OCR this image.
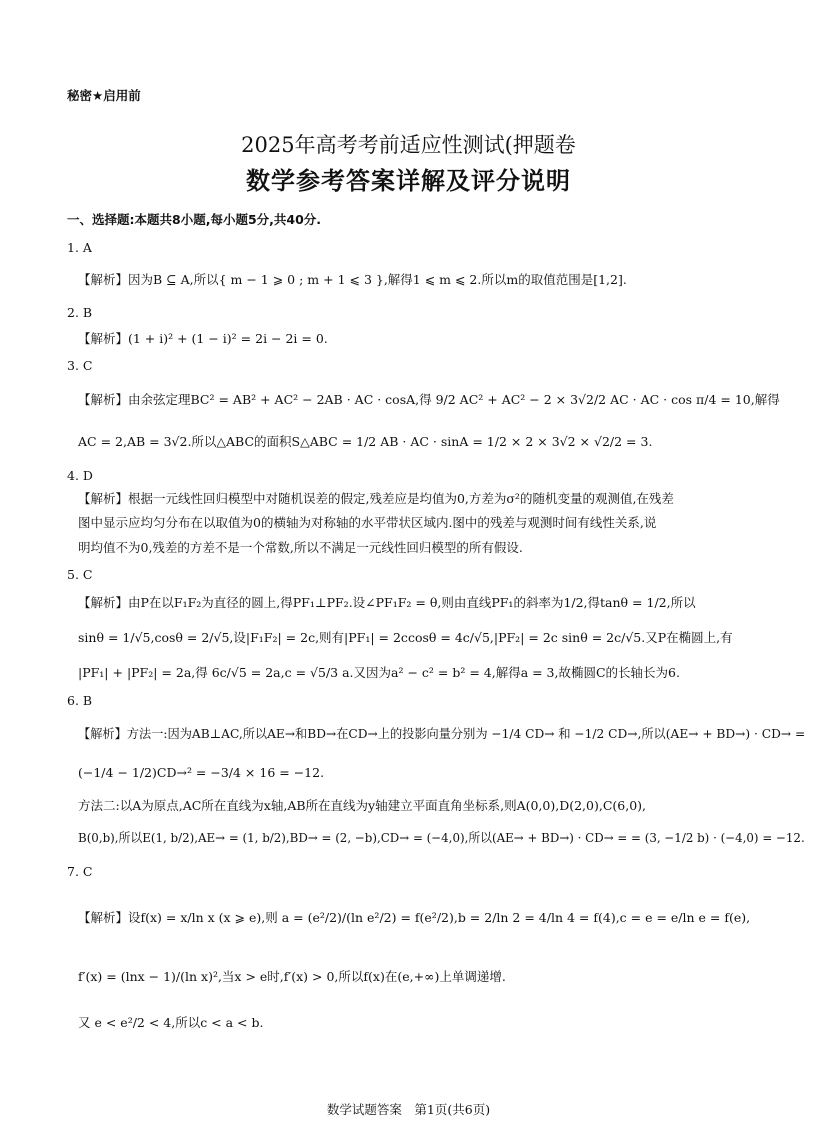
秘密★启用前
2025年高考考前适应性测试(押题卷
数学参考答案详解及评分说明
一、选择题:本题共8小题,每小题5分,共40分.
1. A
【解析】因为B ⊆ A,所以{ m − 1 ⩾ 0 ; m + 1 ⩽ 3 },解得1 ⩽ m ⩽ 2.所以m的取值范围是[1,2].
2. B
【解析】(1 + i)² + (1 − i)² = 2i − 2i = 0.
3. C
【解析】由余弦定理BC² = AB² + AC² − 2AB · AC · cosA,得 9/2 AC² + AC² − 2 × 3√2/2 AC · AC · cos π/4 = 10,解得
AC = 2,AB = 3√2.所以△ABC的面积S△ABC = 1/2 AB · AC · sinA = 1/2 × 2 × 3√2 × √2/2 = 3.
4. D
【解析】根据一元线性回归模型中对随机误差的假定,残差应是均值为0,方差为σ²的随机变量的观测值,在残差
图中显示应均匀分布在以取值为0的横轴为对称轴的水平带状区域内.图中的残差与观测时间有线性关系,说
明均值不为0,残差的方差不是一个常数,所以不满足一元线性回归模型的所有假设.
5. C
【解析】由P在以F₁F₂为直径的圆上,得PF₁⊥PF₂.设∠PF₁F₂ = θ,则由直线PF₁的斜率为1/2,得tanθ = 1/2,所以
sinθ = 1/√5,cosθ = 2/√5,设|F₁F₂| = 2c,则有|PF₁| = 2ccosθ = 4c/√5,|PF₂| = 2c sinθ = 2c/√5.又P在椭圆上,有
|PF₁| + |PF₂| = 2a,得 6c/√5 = 2a,c = √5/3 a.又因为a² − c² = b² = 4,解得a = 3,故椭圆C的长轴长为6.
6. B
【解析】方法一:因为AB⊥AC,所以AE→和BD→在CD→上的投影向量分别为 −1/4 CD→ 和 −1/2 CD→,所以(AE→ + BD→) · CD→ =
(−1/4 − 1/2)CD→² = −3/4 × 16 = −12.
方法二:以A为原点,AC所在直线为x轴,AB所在直线为y轴建立平面直角坐标系,则A(0,0),D(2,0),C(6,0),
B(0,b),所以E(1, b/2),AE→ = (1, b/2),BD→ = (2, −b),CD→ = (−4,0),所以(AE→ + BD→) · CD→ = = (3, −1/2 b) · (−4,0) = −12.
7. C
【解析】设f(x) = x/ln x (x ⩾ e),则 a = (e²/2)/(ln e²/2) = f(e²/2),b = 2/ln 2 = 4/ln 4 = f(4),c = e = e/ln e = f(e),
f′(x) = (lnx − 1)/(ln x)²,当x > e时,f′(x) > 0,所以f(x)在(e,+∞)上单调递增.
又 e < e²/2 < 4,所以c < a < b.
数学试题答案　第1页(共6页)
